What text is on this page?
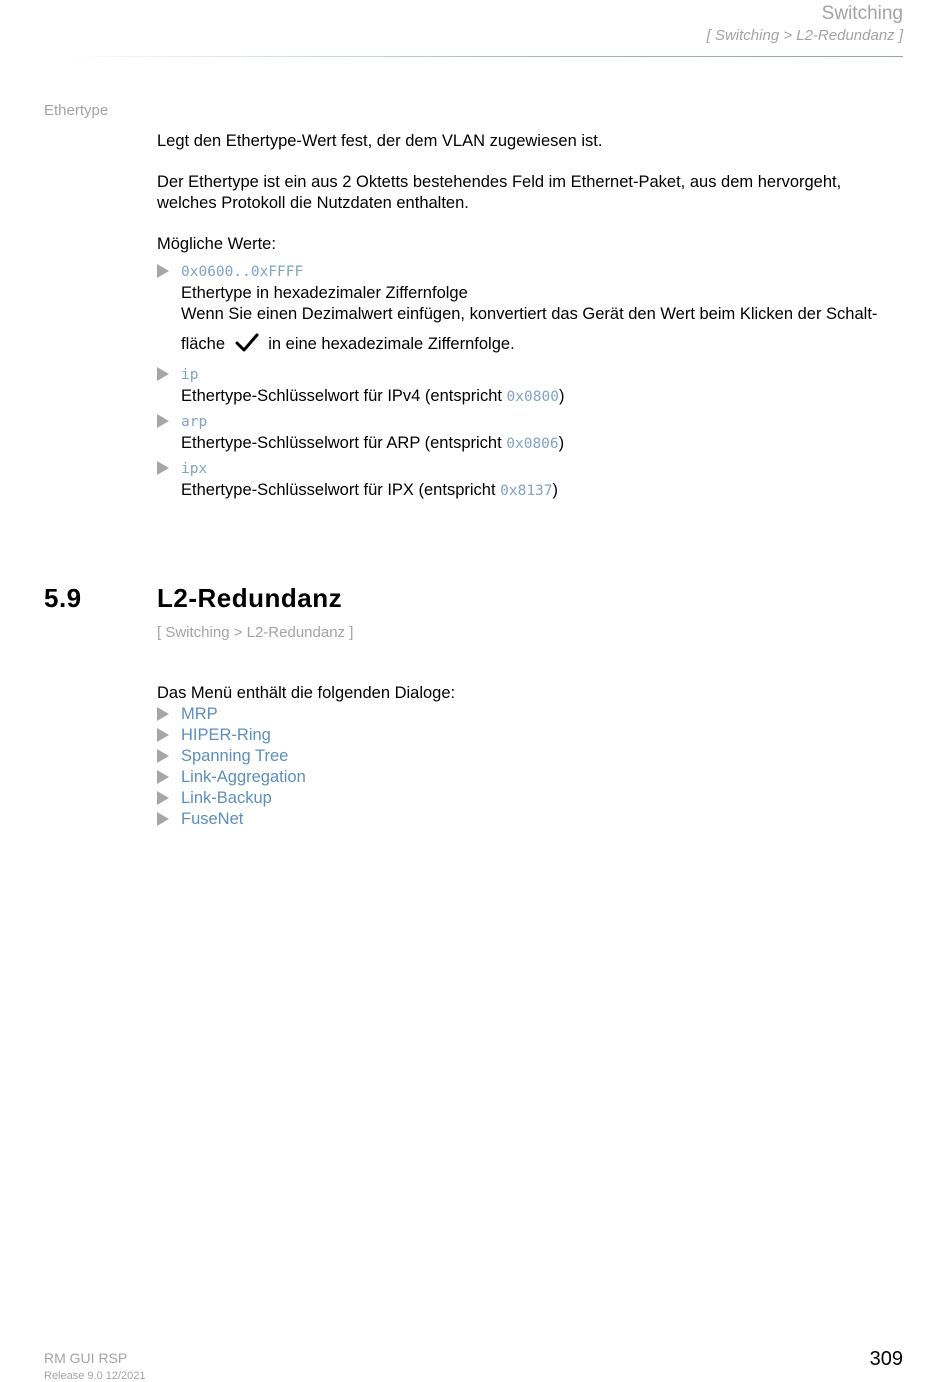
Switching
[ Switching > L2-Redundanz ]
Ethertype
Legt den Ethertype-Wert fest, der dem VLAN zugewiesen ist.
Der Ethertype ist ein aus 2 Oktetts bestehendes Feld im Ethernet-Paket, aus dem hervorgeht,
welches Protokoll die Nutzdaten enthalten.
Mögliche Werte:
0x0600..0xFFFF
Ethertype in hexadezimaler Ziffernfolge
Wenn Sie einen Dezimalwert einfügen, konvertiert das Gerät den Wert beim Klicken der Schalt-
fläche	in eine hexadezimale Ziffernfolge.
ip
Ethertype-Schlüsselwort für IPv4 (entspricht 0x0800)
arp
Ethertype-Schlüsselwort für ARP (entspricht 0x0806)
ipx
Ethertype-Schlüsselwort für IPX (entspricht 0x8137)
5.9	L2-Redundanz
[ Switching > L2-Redundanz ]
Das Menü enthält die folgenden Dialoge:
MRP
HIPER-Ring
Spanning Tree
Link-Aggregation
Link-Backup
FuseNet
RM GUI RSP
Release 9.0 12/2021
309
